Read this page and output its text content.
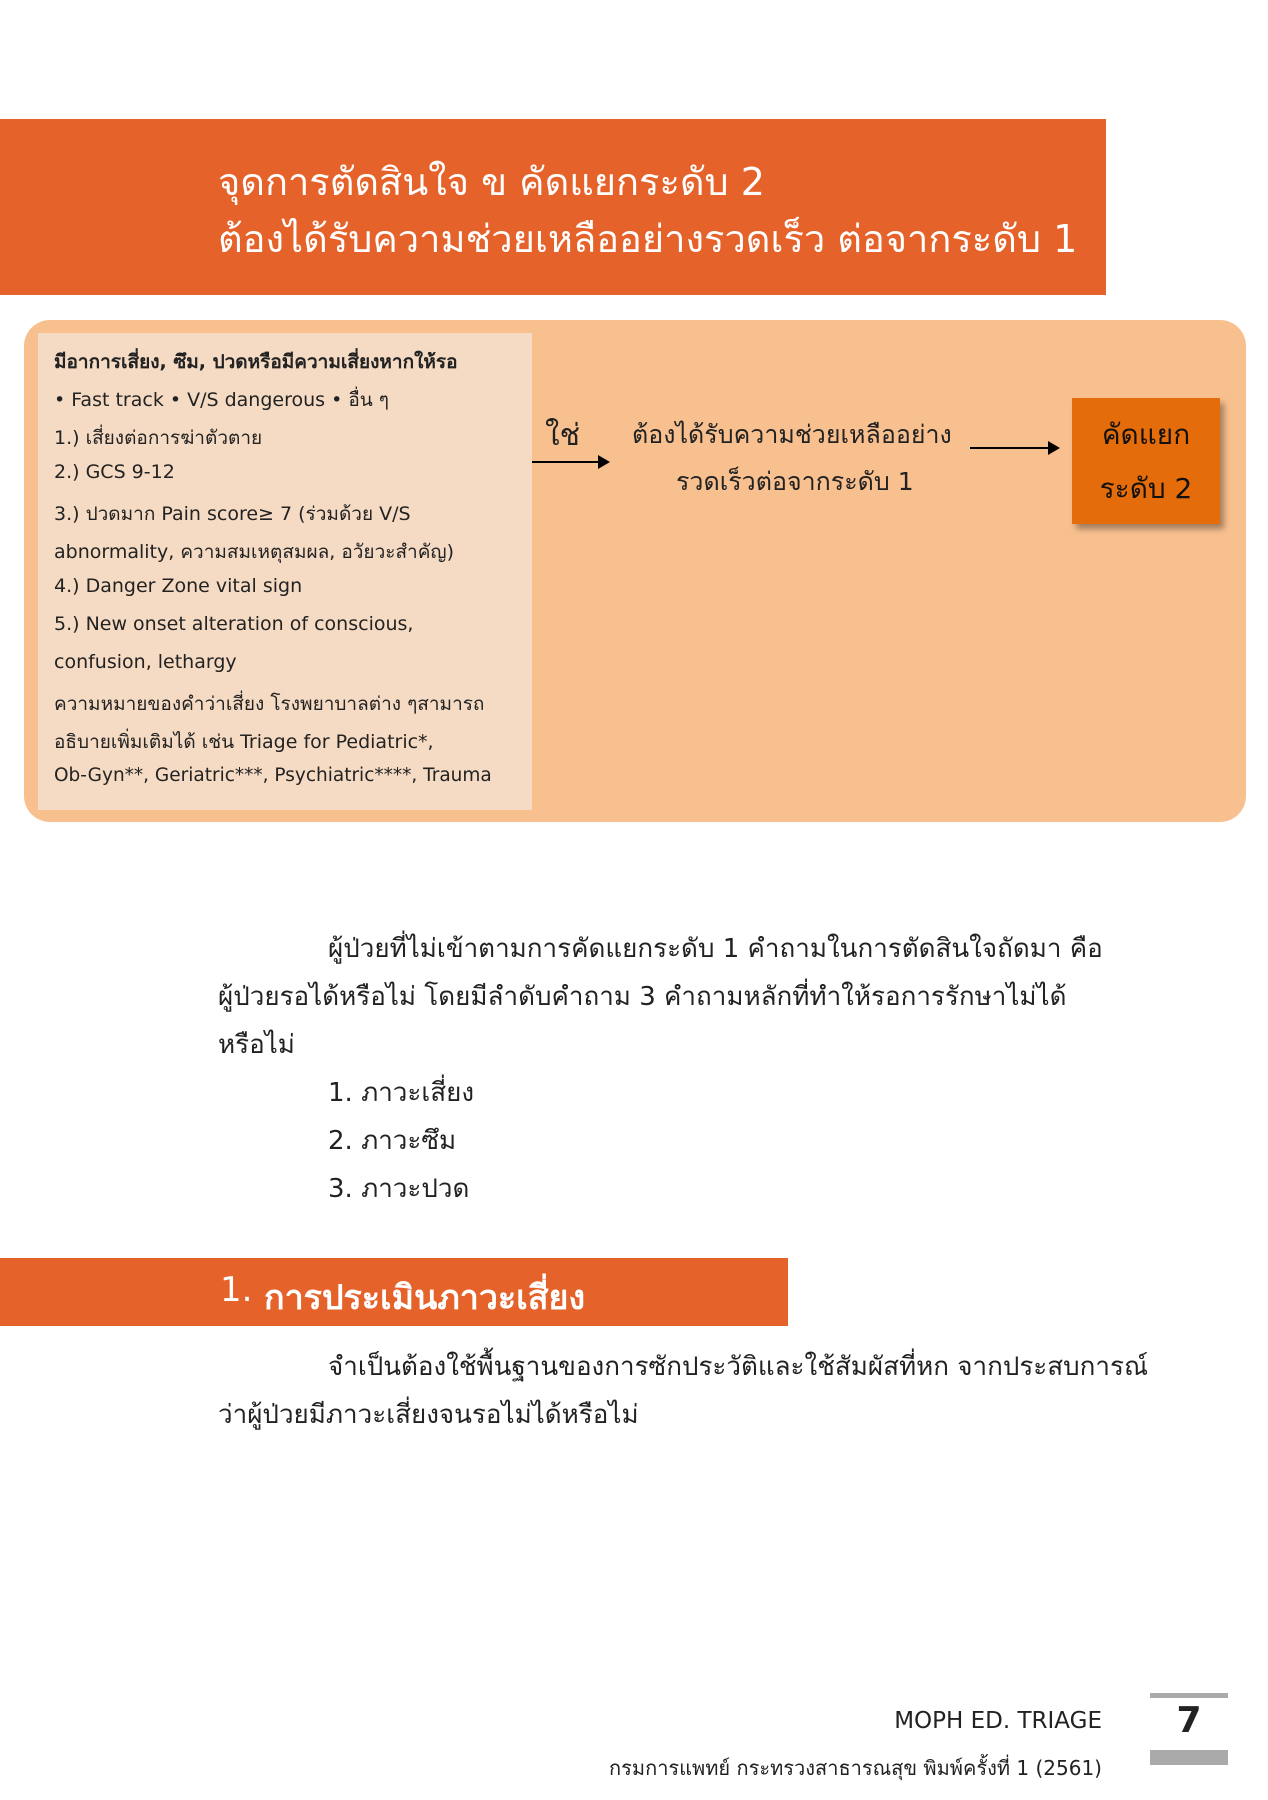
จุดการตัดสินใจ ข คัดแยกระดับ 2
ต้องได้รับความช่วยเหลืออย่างรวดเร็ว ต่อจากระดับ 1
มีอาการเสี่ยง, ซึม, ปวดหรือมีความเสี่ยงหากให้รอ
• Fast track • V/S dangerous • อื่น ๆ
1.) เสี่ยงต่อการฆ่าตัวตาย
2.) GCS 9-12
3.) ปวดมาก Pain score≥ 7 (ร่วมด้วย V/S
abnormality, ความสมเหตุสมผล, อวัยวะสำคัญ)
4.) Danger Zone vital sign
5.) New onset alteration of conscious,
confusion, lethargy
ความหมายของคำว่าเสี่ยง โรงพยาบาลต่าง ๆสามารถ
อธิบายเพิ่มเติมได้ เช่น Triage for Pediatric*,
Ob-Gyn**, Geriatric***, Psychiatric****, Trauma
ใช่ ต้องได้รับความช่วยเหลืออย่าง
รวดเร็วต่อจากระดับ 1
คัดแยก
ระดับ 2
ผู้ป่วยที่ไม่เข้าตามการคัดแยกระดับ 1 คำถามในการตัดสินใจถัดมา คือ
ผู้ป่วยรอได้หรือไม่ โดยมีลำดับคำถาม 3 คำถามหลักที่ทำให้รอการรักษาไม่ได้
หรือไม่
1. ภาวะเสี่ยง
2. ภาวะซึม
3. ภาวะปวด
1. การประเมินภาวะเสี่ยง
จำเป็นต้องใช้พื้นฐานของการซักประวัติและใช้สัมผัสที่หก จากประสบการณ์
ว่าผู้ป่วยมีภาวะเสี่ยงจนรอไม่ได้หรือไม่
MOPH ED. TRIAGE
กรมการแพทย์ กระทรวงสาธารณสุข พิมพ์ครั้งที่ 1 (2561)
7
